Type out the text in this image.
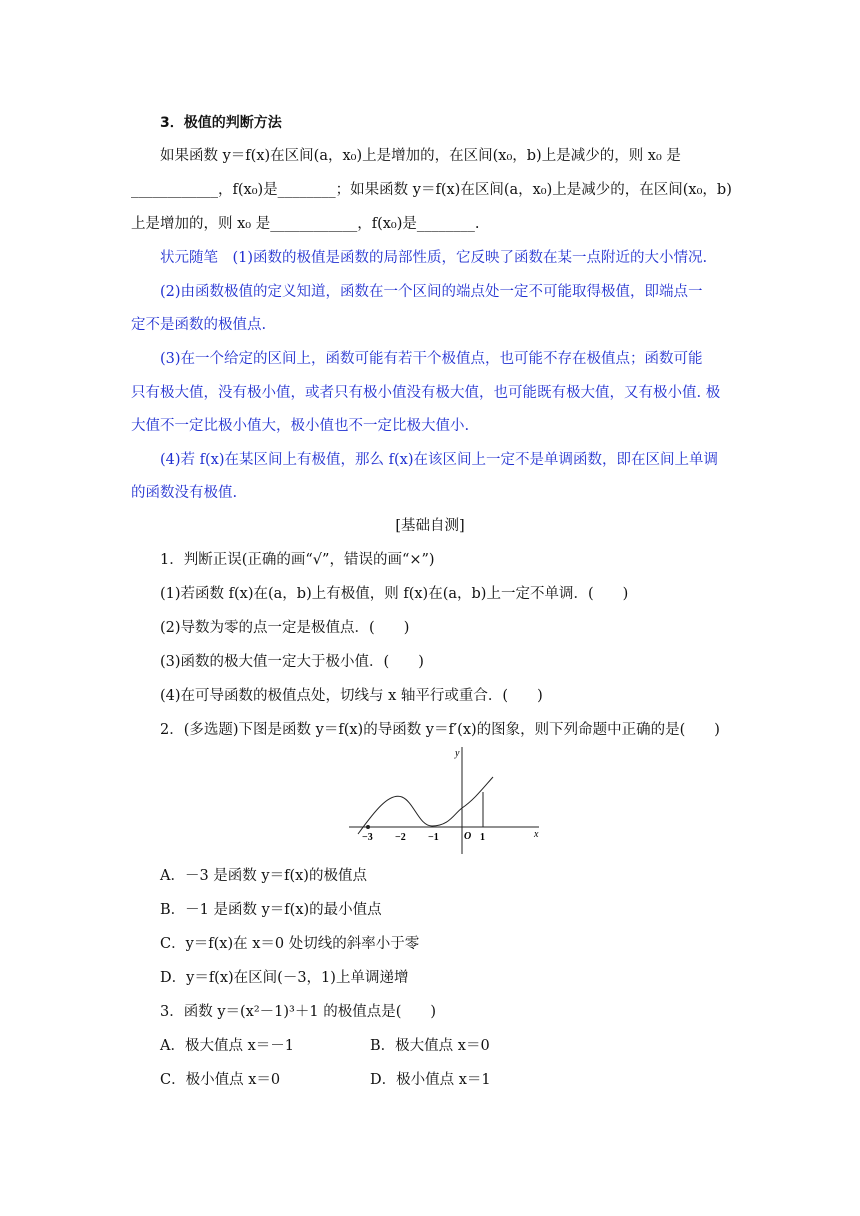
3．极值的判断方法
如果函数 y＝f(x)在区间(a，x₀)上是增加的，在区间(x₀，b)上是减少的，则 x₀ 是
____________，f(x₀)是________；如果函数 y＝f(x)在区间(a，x₀)上是减少的，在区间(x₀，b)
上是增加的，则 x₀ 是____________，f(x₀)是________.
状元随笔　(1)函数的极值是函数的局部性质，它反映了函数在某一点附近的大小情况.
(2)由函数极值的定义知道，函数在一个区间的端点处一定不可能取得极值，即端点一
定不是函数的极值点.
(3)在一个给定的区间上，函数可能有若干个极值点，也可能不存在极值点；函数可能
只有极大值，没有极小值，或者只有极小值没有极大值，也可能既有极大值，又有极小值. 极
大值不一定比极小值大，极小值也不一定比极大值小.
(4)若 f(x)在某区间上有极值，那么 f(x)在该区间上一定不是单调函数，即在区间上单调
的函数没有极值.
[基础自测]
1．判断正误(正确的画“√”，错误的画“×”)
(1)若函数 f(x)在(a，b)上有极值，则 f(x)在(a，b)上一定不单调．(　　)
(2)导数为零的点一定是极值点．(　　)
(3)函数的极大值一定大于极小值．(　　)
(4)在可导函数的极值点处，切线与 x 轴平行或重合．(　　)
2．(多选题)下图是函数 y＝f(x)的导函数 y＝f′(x)的图象，则下列命题中正确的是(　　)
y
x
O
−3 −2 −1	1
A．－3 是函数 y＝f(x)的极值点
B．－1 是函数 y＝f(x)的最小值点
C．y＝f(x)在 x＝0 处切线的斜率小于零
D．y＝f(x)在区间(－3，1)上单调递增
3．函数 y＝(x²－1)³＋1 的极值点是(　　)
A．极大值点 x＝－1	B．极大值点 x＝0
C．极小值点 x＝0	D．极小值点 x＝1
